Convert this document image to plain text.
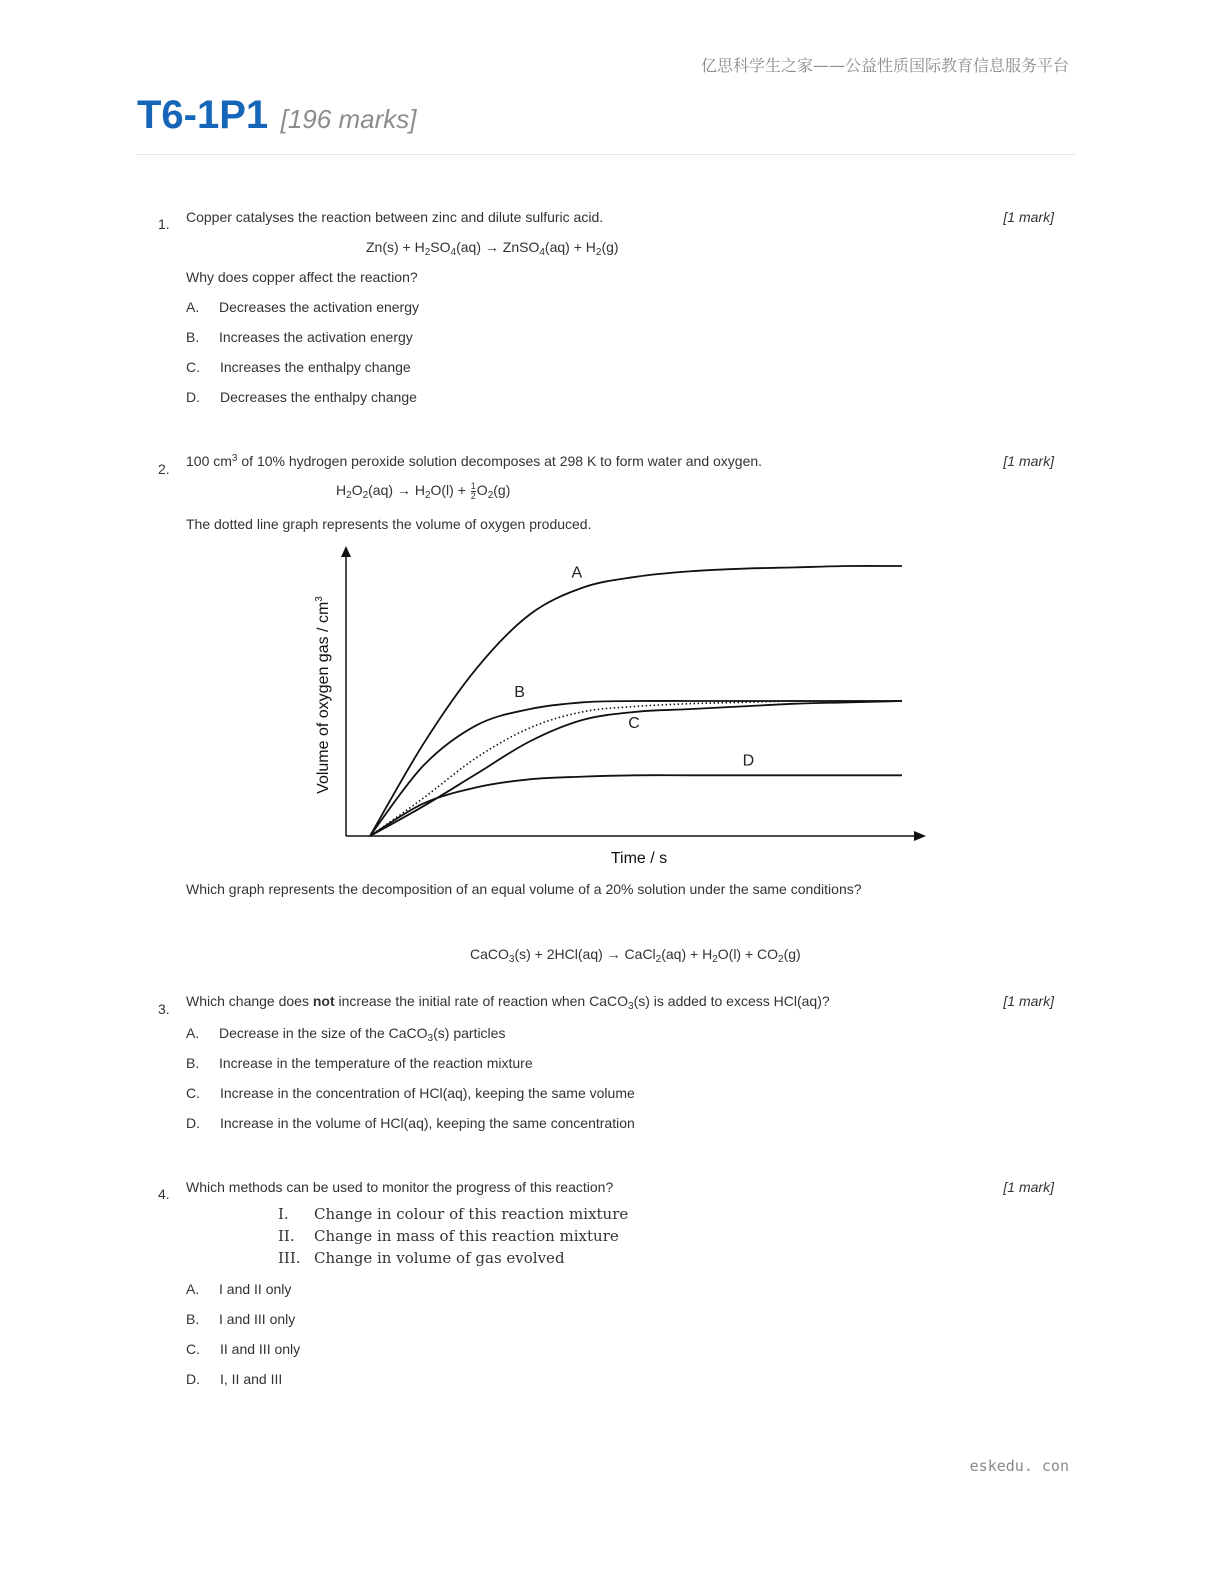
亿思科学生之家——公益性质国际教育信息服务平台
T6-1P1 [196 marks]
1. Copper catalyses the reaction between zinc and dilute sulfuric acid.	[1 mark]
$Zn(s) + H_2SO_4(aq)$ → ZnSO$_4$(aq) + $H_2(g)$
Why does copper affect the reaction?
A. Decreases the activation energy
B. Increases the activation energy
C. Increases the enthalpy change
D. Decreases the enthalpy change
2. 100 $cm^3$ of 10% hydrogen peroxide solution decomposes at 298 K to form water and oxygen.	[1 mark]
$H_2O_2(aq) \to H_2O(l) + \frac{1}{2} O_2(g)$
The dotted line graph represents the volume of oxygen produced.
A
B
C
D
Time / s
Volume of oxygen gas / $cm^3$
Which graph represents the decomposition of an equal volume of a 20% solution under the same conditions?
CaCO$_3$(s) + 2HCl(aq) → CaCl$_2$(aq) + $H_2O(l) + CO_2(g)$
3. Which change does not increase the initial rate of reaction when CaCO$_3$(s) is added to excess HCl(aq)?	[1 mark]
A. Decrease in the size of the CaCO$_3$(s) particles
B. Increase in the temperature of the reaction mixture
C. Increase in the concentration of HCl(aq), keeping the same volume
D. Increase in the volume of HCl(aq), keeping the same concentration
4. Which methods can be used to monitor the progress of this reaction?	[1 mark]
I. Change in colour of this reaction mixture
II. Change in mass of this reaction mixture
III. Change in volume of gas evolved
A. I and II only
B. I and III only
C. II and III only
D. I, II and III
eskedu. con
